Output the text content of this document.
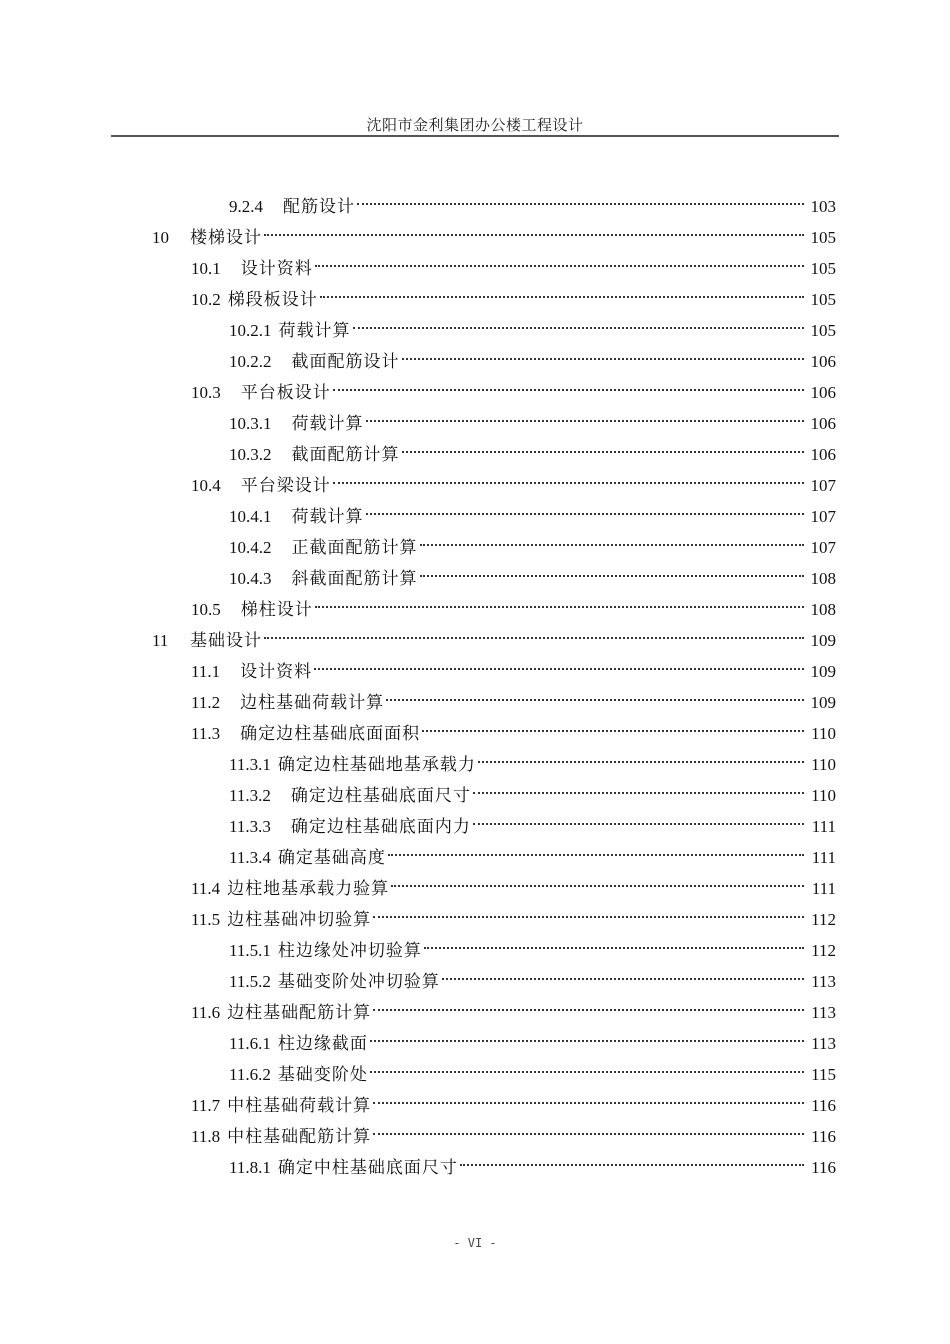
沈阳市金利集团办公楼工程设计
9.2.4 配筋设计	103
10	楼梯设计	105
10.1 设计资料	105
10.2 梯段板设计	105
10.2.1 荷载计算	105
10.2.2 截面配筋设计	106
10.3 平台板设计	106
10.3.1 荷载计算	106
10.3.2 截面配筋计算	106
10.4 平台梁设计	107
10.4.1 荷载计算	107
10.4.2 正截面配筋计算	107
10.4.3 斜截面配筋计算	108
10.5 梯柱设计	108
11	基础设计	109
11.1 设计资料	109
11.2 边柱基础荷载计算	109
11.3 确定边柱基础底面面积	110
11.3.1 确定边柱基础地基承载力	110
11.3.2 确定边柱基础底面尺寸	110
11.3.3 确定边柱基础底面内力	111
11.3.4 确定基础高度	111
11.4 边柱地基承载力验算	111
11.5 边柱基础冲切验算	112
11.5.1 柱边缘处冲切验算	112
11.5.2 基础变阶处冲切验算	113
11.6 边柱基础配筋计算	113
11.6.1 柱边缘截面	113
11.6.2 基础变阶处	115
11.7 中柱基础荷载计算	116
11.8 中柱基础配筋计算	116
11.8.1 确定中柱基础底面尺寸	116
- VI -
